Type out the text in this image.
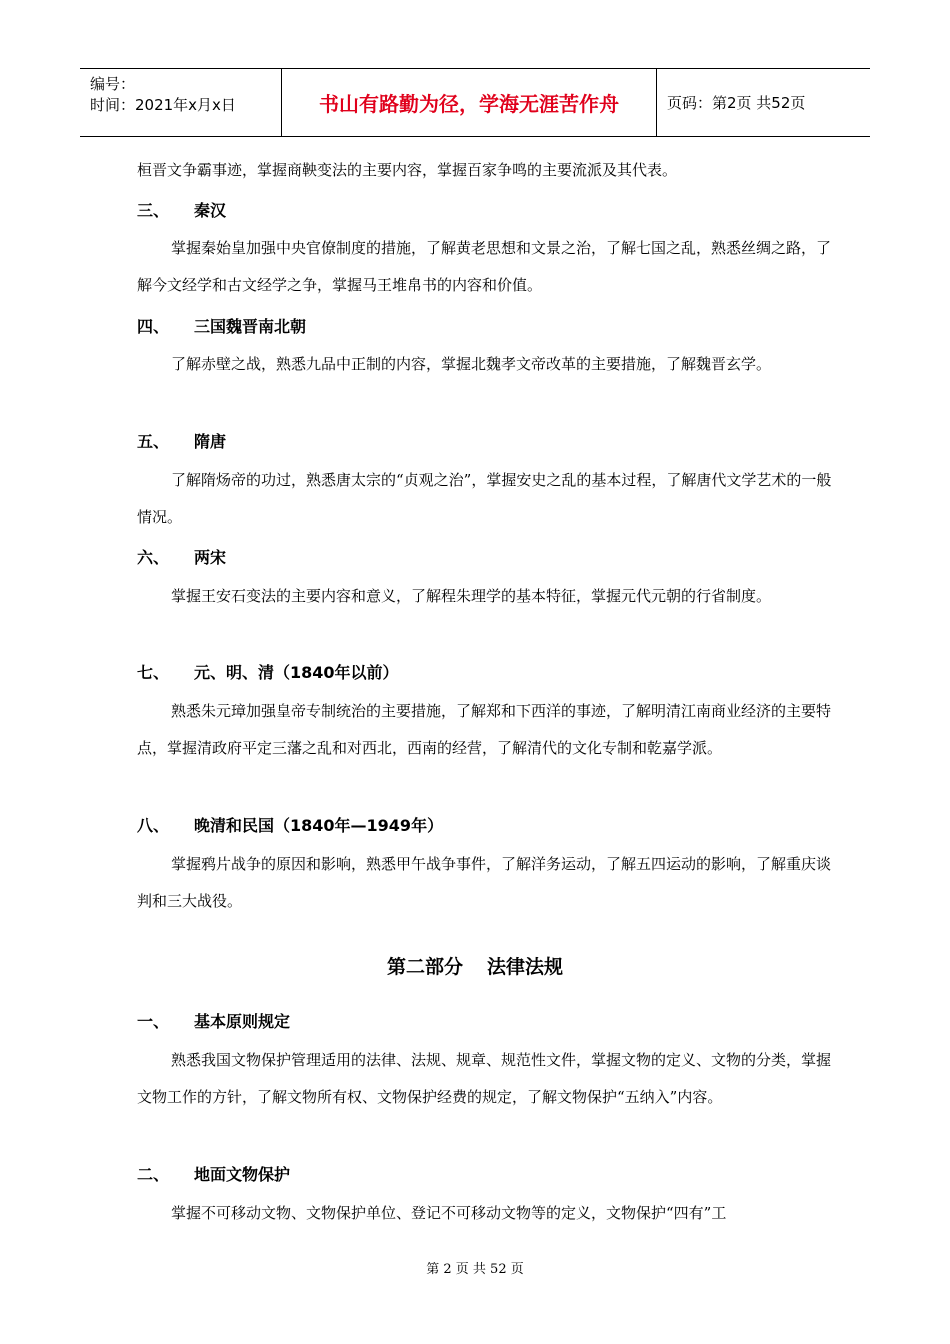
编号：
时间：2021年x月x日	书山有路勤为径，学海无涯苦作舟	页码：第2页 共52页
桓晋文争霸事迹，掌握商鞅变法的主要内容，掌握百家争鸣的主要流派及其代表。
三、 秦汉
掌握秦始皇加强中央官僚制度的措施，了解黄老思想和文景之治，了解七国之乱，熟悉丝绸之路，了解今文经学和古文经学之争，掌握马王堆帛书的内容和价值。
四、 三国魏晋南北朝
了解赤壁之战，熟悉九品中正制的内容，掌握北魏孝文帝改革的主要措施，了解魏晋玄学。
五、 隋唐
了解隋炀帝的功过，熟悉唐太宗的“贞观之治”，掌握安史之乱的基本过程，了解唐代文学艺术的一般情况。
六、 两宋
掌握王安石变法的主要内容和意义，了解程朱理学的基本特征，掌握元代元朝的行省制度。
七、 元、明、清（1840年以前）
熟悉朱元璋加强皇帝专制统治的主要措施，了解郑和下西洋的事迹，了解明清江南商业经济的主要特点，掌握清政府平定三藩之乱和对西北，西南的经营，了解清代的文化专制和乾嘉学派。
八、 晚清和民国（1840年—1949年）
掌握鸦片战争的原因和影响，熟悉甲午战争事件，了解洋务运动，了解五四运动的影响，了解重庆谈判和三大战役。
第二部分 法律法规
一、 基本原则规定
熟悉我国文物保护管理适用的法律、法规、规章、规范性文件，掌握文物的定义、文物的分类，掌握文物工作的方针，了解文物所有权、文物保护经费的规定，了解文物保护“五纳入”内容。
二、 地面文物保护
掌握不可移动文物、文物保护单位、登记不可移动文物等的定义，文物保护“四有”工
第 2 页 共 52 页
